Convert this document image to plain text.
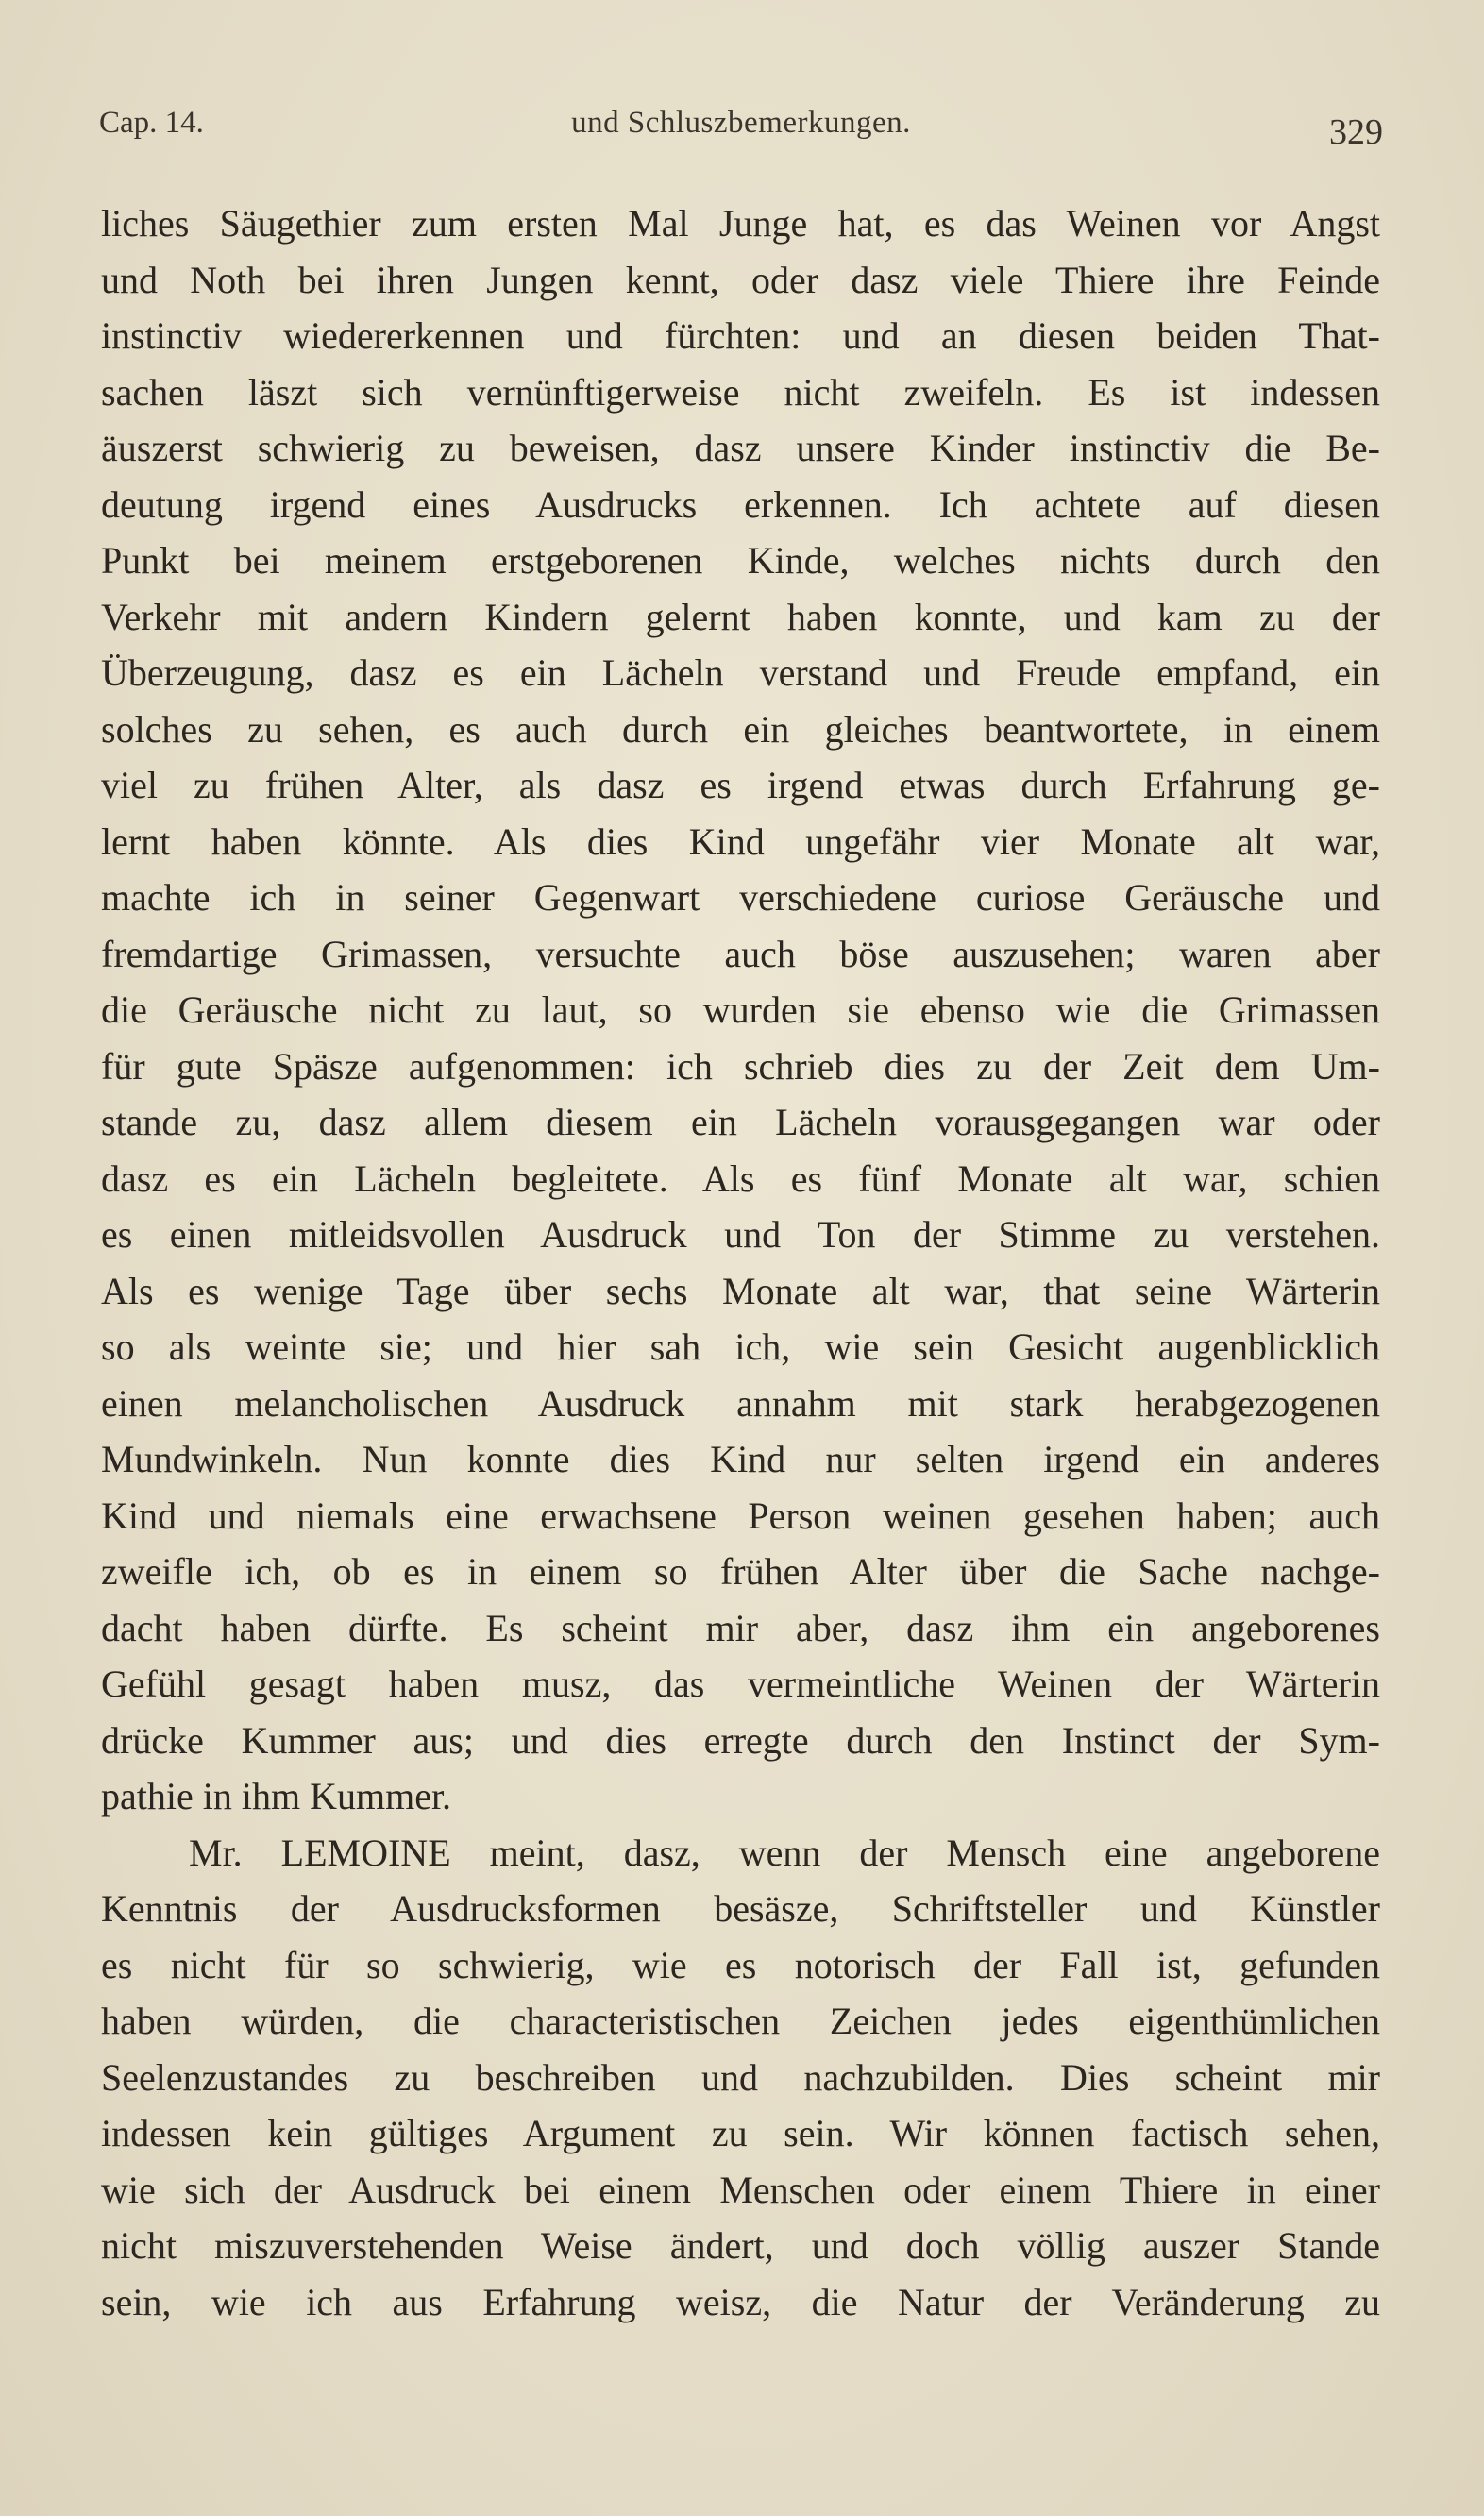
Cap. 14.	und Schluszbemerkungen.	329
liches Säugethier zum ersten Mal Junge hat, es das Weinen vor Angst
und Noth bei ihren Jungen kennt, oder dasz viele Thiere ihre Feinde
instinctiv wiedererkennen und fürchten: und an diesen beiden That-
sachen läszt sich vernünftigerweise nicht zweifeln. Es ist indessen
äuszerst schwierig zu beweisen, dasz unsere Kinder instinctiv die Be-
deutung irgend eines Ausdrucks erkennen. Ich achtete auf diesen
Punkt bei meinem erstgeborenen Kinde, welches nichts durch den
Verkehr mit andern Kindern gelernt haben konnte, und kam zu der
Überzeugung, dasz es ein Lächeln verstand und Freude empfand, ein
solches zu sehen, es auch durch ein gleiches beantwortete, in einem
viel zu frühen Alter, als dasz es irgend etwas durch Erfahrung ge-
lernt haben könnte. Als dies Kind ungefähr vier Monate alt war,
machte ich in seiner Gegenwart verschiedene curiose Geräusche und
fremdartige Grimassen, versuchte auch böse auszusehen; waren aber
die Geräusche nicht zu laut, so wurden sie ebenso wie die Grimassen
für gute Späsze aufgenommen: ich schrieb dies zu der Zeit dem Um-
stande zu, dasz allem diesem ein Lächeln vorausgegangen war oder
dasz es ein Lächeln begleitete. Als es fünf Monate alt war, schien
es einen mitleidsvollen Ausdruck und Ton der Stimme zu verstehen.
Als es wenige Tage über sechs Monate alt war, that seine Wärterin
so als weinte sie; und hier sah ich, wie sein Gesicht augenblicklich
einen melancholischen Ausdruck annahm mit stark herabgezogenen
Mundwinkeln. Nun konnte dies Kind nur selten irgend ein anderes
Kind und niemals eine erwachsene Person weinen gesehen haben; auch
zweifle ich, ob es in einem so frühen Alter über die Sache nachge-
dacht haben dürfte. Es scheint mir aber, dasz ihm ein angeborenes
Gefühl gesagt haben musz, das vermeintliche Weinen der Wärterin
drücke Kummer aus; und dies erregte durch den Instinct der Sym-
pathie in ihm Kummer.
Mr. LEMOINE meint, dasz, wenn der Mensch eine angeborene
Kenntnis der Ausdrucksformen besäsze, Schriftsteller und Künstler
es nicht für so schwierig, wie es notorisch der Fall ist, gefunden
haben würden, die characteristischen Zeichen jedes eigenthümlichen
Seelenzustandes zu beschreiben und nachzubilden. Dies scheint mir
indessen kein gültiges Argument zu sein. Wir können factisch sehen,
wie sich der Ausdruck bei einem Menschen oder einem Thiere in einer
nicht miszuverstehenden Weise ändert, und doch völlig auszer Stande
sein, wie ich aus Erfahrung weisz, die Natur der Veränderung zu
